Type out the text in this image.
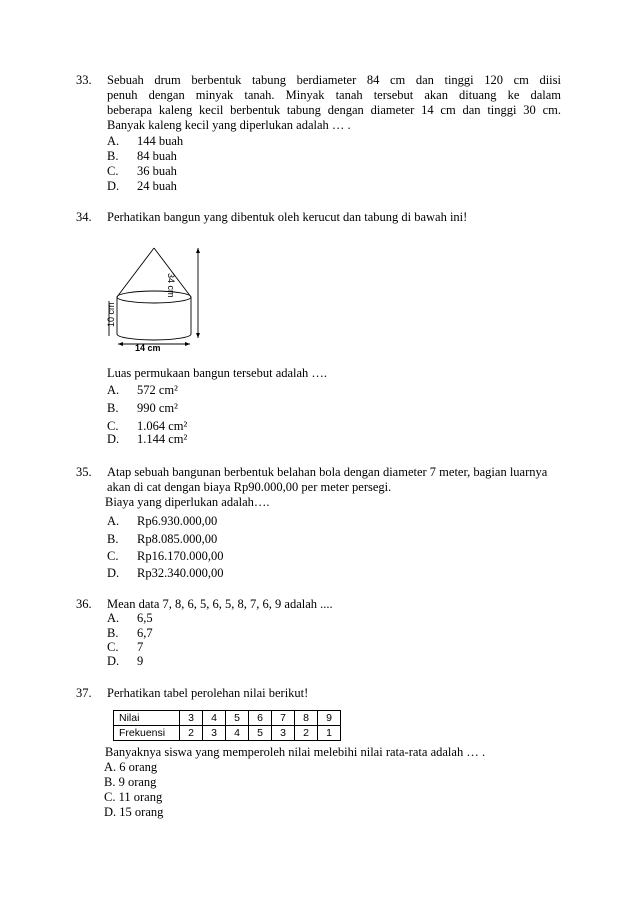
33. Sebuah drum berbentuk tabung berdiameter 84 cm dan tinggi 120 cm diisi
penuh dengan minyak tanah. Minyak tanah tersebut akan dituang ke dalam
beberapa kaleng kecil berbentuk tabung dengan diameter 14 cm dan tinggi 30 cm.
Banyak kaleng kecil yang diperlukan adalah … .
A. 144 buah
B. 84 buah
C. 36 buah
D. 24 buah
34. Perhatikan bangun yang dibentuk oleh kerucut dan tabung di bawah ini!
34 cm
10 cm
14 cm
Luas permukaan bangun tersebut adalah ….
A. 572 cm²
B. 990 cm²
C. 1.064 cm²
D. 1.144 cm²
35. Atap sebuah bangunan berbentuk belahan bola dengan diameter 7 meter, bagian luarnya
akan di cat dengan biaya Rp90.000,00 per meter persegi.
Biaya yang diperlukan adalah….
A. Rp6.930.000,00
B. Rp8.085.000,00
C. Rp16.170.000,00
D. Rp32.340.000,00
36. Mean data 7, 8, 6, 5, 6, 5, 8, 7, 6, 9 adalah ....
A. 6,5
B. 6,7
C. 7
D. 9
37. Perhatikan tabel perolehan nilai berikut!
Nilai	3	4	5	6	7	8	9
Frekuensi	2	3	4	5	3	2	1
Banyaknya siswa yang memperoleh nilai melebihi nilai rata-rata adalah … .
A. 6 orang
B. 9 orang
C. 11 orang
D. 15 orang
